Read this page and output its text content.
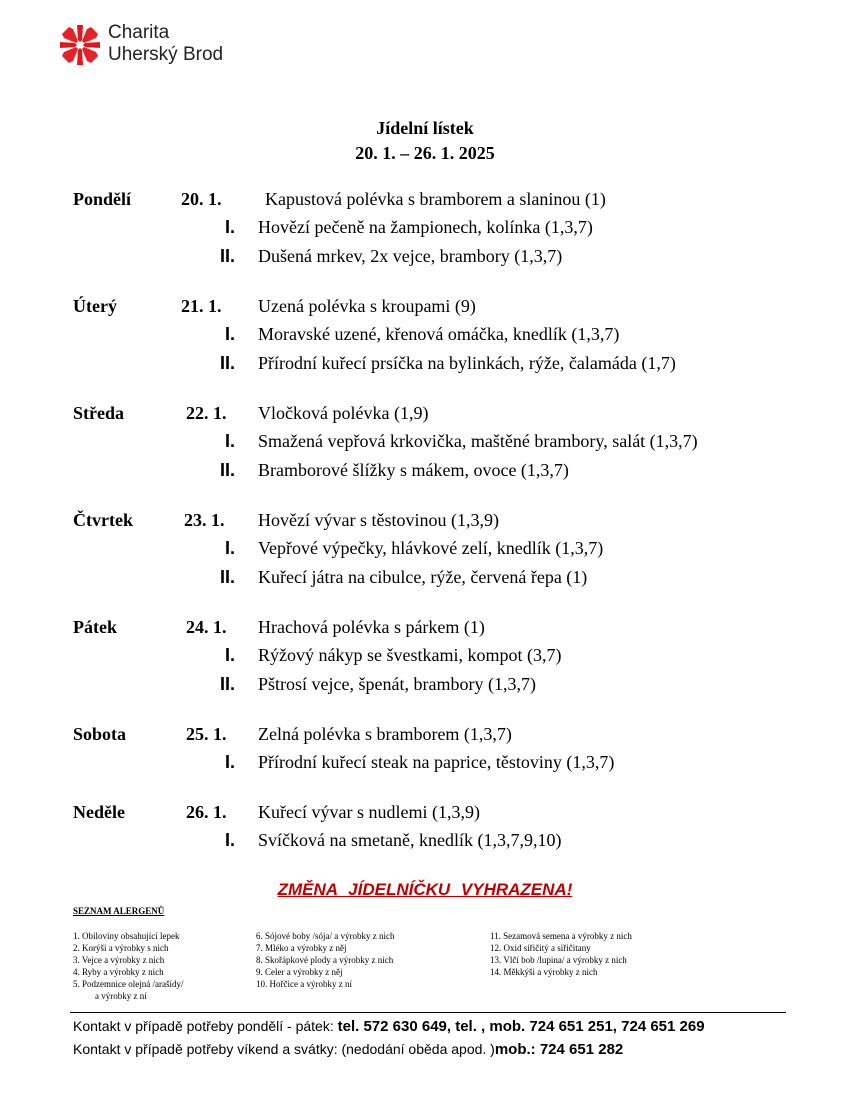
Charita
Uherský Brod
Jídelní lístek
20. 1. – 26. 1. 2025
Pondělí	20. 1. Kapustová polévka s bramborem a slaninou (1)
I. Hovězí pečeně na žampionech, kolínka (1,3,7)
II. Dušená mrkev, 2x vejce, brambory (1,3,7)
Úterý	21. 1. Uzená polévka s kroupami (9)
I. Moravské uzené, křenová omáčka, knedlík (1,3,7)
II. Přírodní kuřecí prsíčka na bylinkách, rýže, čalamáda (1,7)
Středa	22. 1. Vločková polévka (1,9)
I. Smažená vepřová krkovička, maštěné brambory, salát (1,3,7)
II. Bramborové šlížky s mákem, ovoce (1,3,7)
Čtvrtek	23. 1. Hovězí vývar s těstovinou (1,3,9)
I. Vepřové výpečky, hlávkové zelí, knedlík (1,3,7)
II. Kuřecí játra na cibulce, rýže, červená řepa (1)
Pátek	24. 1. Hrachová polévka s párkem (1)
I. Rýžový nákyp se švestkami, kompot (3,7)
II. Pštrosí vejce, špenát, brambory (1,3,7)
Sobota	25. 1. Zelná polévka s bramborem (1,3,7)
I. Přírodní kuřecí steak na paprice, těstoviny (1,3,7)
Neděle	26. 1. Kuřecí vývar s nudlemi (1,3,9)
I. Svíčková na smetaně, knedlík (1,3,7,9,10)
ZMĚNA JÍDELNÍČKU VYHRAZENA!
SEZNAM ALERGENŮ
1. Obiloviny obsahující lepek
2. Korýši a výrobky s nich
3. Vejce a výrobky z nich
4. Ryby a výrobky z nich
5. Podzemnice olejná /arašídy/
a výrobky z ní
6. Sójové boby /sója/ a výrobky z nich
7. Mléko a výrobky z něj
8. Skořápkové plody a výrobky z nich
9. Celer a výrobky z něj
10. Hořčice a výrobky z ní
11. Sezamová semena a výrobky z nich
12. Oxid siřičitý a siřičitany
13. Vlčí bob /lupina/ a výrobky z nich
14. Měkkýši a výrobky z nich
Kontakt v případě potřeby pondělí - pátek: tel. 572 630 649, tel. , mob. 724 651 251, 724 651 269
Kontakt v případě potřeby víkend a svátky: (nedodání oběda apod. )mob.: 724 651 282
